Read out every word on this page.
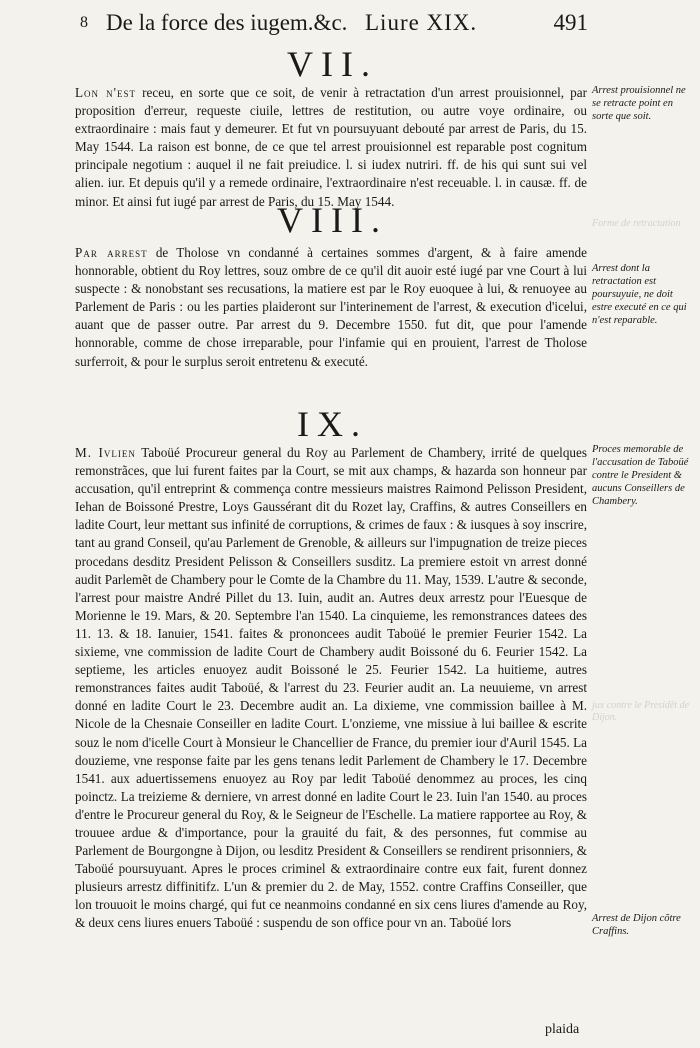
8 De la force des iugem.&c. Liure XIX.	491
VII.
Lon n'est receu, en sorte que ce soit, de venir à retractation d'un arrest prouisionnel, par proposition d'erreur, requeste ciuile, lettres de restitution, ou autre voye ordinaire, ou extraordinaire : mais faut y demeurer. Et fut vn poursuyuant debouté par arrest de Paris, du 15. May 1544. La raison est bonne, de ce que tel arrest prouisionnel est reparable post cognitum principale negotium : auquel il ne fait preiudice. l. si iudex nutriri. ff. de his qui sunt sui vel alien. iur. Et depuis qu'il y a remede ordinaire, l'extraordinaire n'est receuable. l. in causæ. ff. de minor. Et ainsi fut iugé par arrest de Paris, du 15. May 1544.
Arrest prouisionnel ne se retracte point en sorte que soit.
VIII.
Par arrest de Tholose vn condanné à certaines sommes d'argent, & à faire amende honnorable, obtient du Roy lettres, souz ombre de ce qu'il dit auoir esté iugé par vne Court à lui suspecte : & nonobstant ses recusations, la matiere est par le Roy euoquee à lui, & renuoyee au Parlement de Paris : ou les parties plaideront sur l'interinement de l'arrest, & execution d'icelui, auant que de passer outre. Par arrest du 9. Decembre 1550. fut dit, que pour l'amende honnorable, comme de chose irreparable, pour l'infamie qui en prouient, l'arrest de Tholose surferroit, & pour le surplus seroit entretenu & executé.
Arrest dont la retractation est poursuyuie, ne doit estre executé en ce qui n'est reparable.
IX.
M. Ivlien Taboüé Procureur general du Roy au Parlement de Chambery, irrité de quelques remonstrãces, que lui furent faites par la Court, se mit aux champs, & hazarda son honneur par accusation, qu'il entreprint & commença contre messieurs maistres Raimond Pelisson President, Iehan de Boissoné Prestre, Loys Gaussérant dit du Rozet lay, Craffins, & autres Conseillers en ladite Court, leur mettant sus infinité de corruptions, & crimes de faux : & iusques à soy inscrire, tant au grand Conseil, qu'au Parlement de Grenoble, & ailleurs sur l'impugnation de treize pieces procedans desditz President Pelisson & Conseillers susditz. La premiere estoit vn arrest donné audit Parlemẽt de Chambery pour le Comte de la Chambre du 11. May, 1539. L'autre & seconde, l'arrest pour maistre André Pillet du 13. Iuin, audit an. Autres deux arrestz pour l'Euesque de Morienne le 19. Mars, & 20. Septembre l'an 1540. La cinquieme, les remonstrances datees des 11. 13. & 18. Ianuier, 1541. faites & prononcees audit Taboüé le premier Feurier 1542. La sixieme, vne commission de ladite Court de Chambery audit Boissoné du 6. Feurier 1542. La septieme, les articles enuoyez audit Boissoné le 25. Feurier 1542. La huitieme, autres remonstrances faites audit Taboüé, & l'arrest du 23. Feurier audit an. La neuuieme, vn arrest donné en ladite Court le 23. Decembre audit an. La dixieme, vne commission baillee à M. Nicole de la Chesnaie Conseiller en ladite Court. L'onzieme, vne missiue à lui baillee & escrite souz le nom d'icelle Court à Monsieur le Chancellier de France, du premier iour d'Auril 1545. La douzieme, vne response faite par les gens tenans ledit Parlement de Chambery le 17. Decembre 1541. aux aduertissemens enuoyez au Roy par ledit Taboüé denommez au proces, les cinq poinctz. La treizieme & derniere, vn arrest donné en ladite Court le 23. Iuin l'an 1540. au proces d'entre le Procureur general du Roy, & le Seigneur de l'Eschelle. La matiere rapportee au Roy, & trouuee ardue & d'importance, pour la grauité du fait, & des personnes, fut commise au Parlement de Bourgongne à Dijon, ou lesditz President & Conseillers se rendirent prisonniers, & Taboüé poursuyuant. Apres le proces criminel & extraordinaire contre eux fait, furent donnez plusieurs arrestz diffinitifz. L'un & premier du 2. de May, 1552. contre Craffins Conseiller, que lon trouuoit le moins chargé, qui fut ce neanmoins condanné en six cens liures d'amende au Roy, & deux cens liures enuers Taboüé : suspendu de son office pour vn an. Taboüé lors
Proces memorable de l'accusation de Taboüé contre le President & aucuns Conseillers de Chambery.
Arrest de Dijon cõtre Craffins.
Forme de retractation
jux contre le Presidẽt de Dijon.
plaida
